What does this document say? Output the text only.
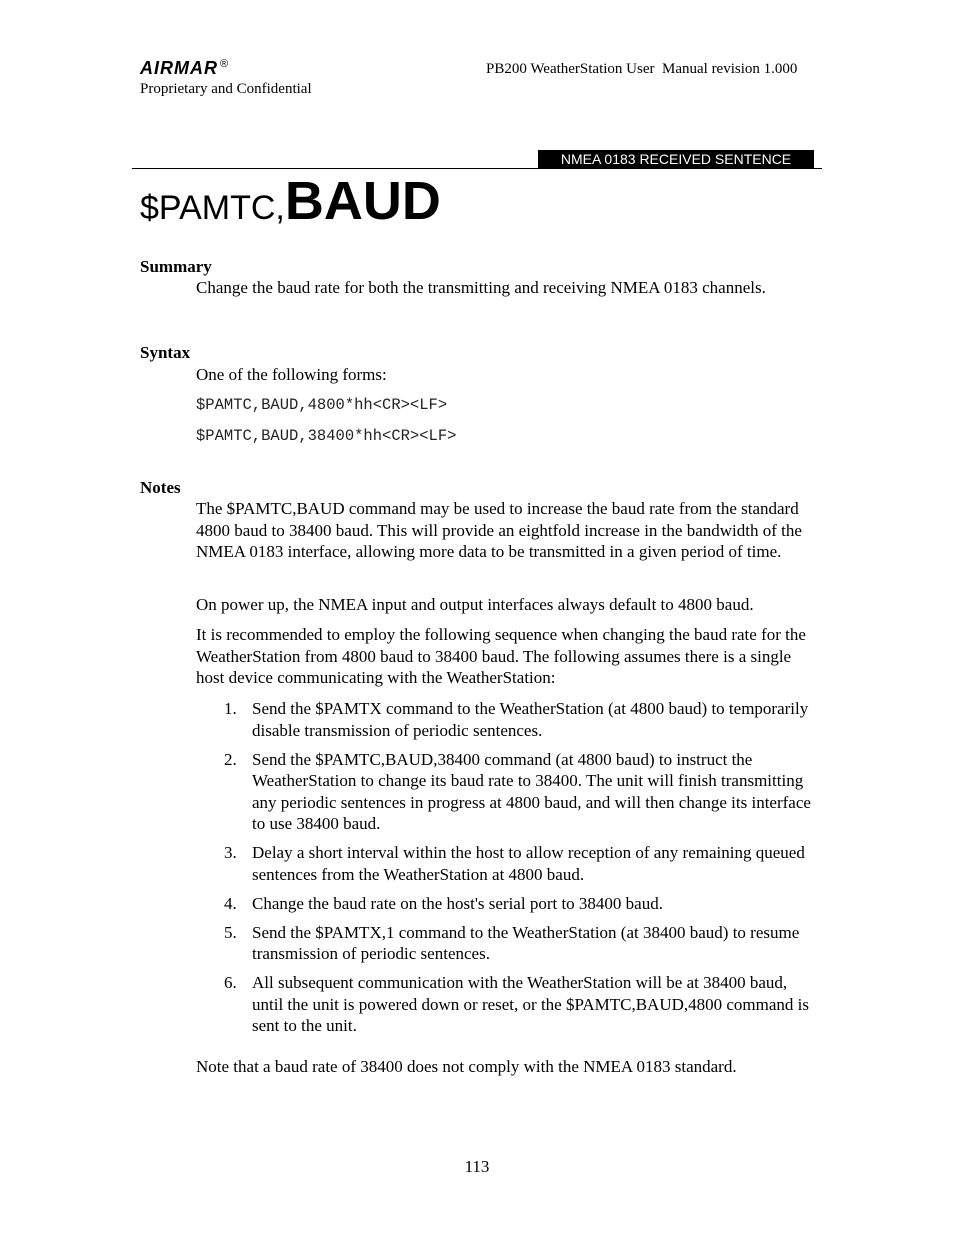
AIRMAR ®
Proprietary and Confidential
PB200 WeatherStation User  Manual revision 1.000
NMEA 0183 RECEIVED SENTENCE
$PAMTC,BAUD
Summary
Change the baud rate for both the transmitting and receiving NMEA 0183 channels.
Syntax
One of the following forms:
$PAMTC,BAUD,4800*hh<CR><LF>
$PAMTC,BAUD,38400*hh<CR><LF>
Notes
The $PAMTC,BAUD command may be used to increase the baud rate from the standard 4800 baud to 38400 baud. This will provide an eightfold increase in the bandwidth of the NMEA 0183 interface, allowing more data to be transmitted in a given period of time.
On power up, the NMEA input and output interfaces always default to 4800 baud.
It is recommended to employ the following sequence when changing the baud rate for the WeatherStation from 4800 baud to 38400 baud. The following assumes there is a single host device communicating with the WeatherStation:
1. Send the $PAMTX command to the WeatherStation (at 4800 baud) to temporarily disable transmission of periodic sentences.
2. Send the $PAMTC,BAUD,38400 command (at 4800 baud) to instruct the WeatherStation to change its baud rate to 38400. The unit will finish transmitting any periodic sentences in progress at 4800 baud, and will then change its interface to use 38400 baud.
3. Delay a short interval within the host to allow reception of any remaining queued sentences from the WeatherStation at 4800 baud.
4. Change the baud rate on the host's serial port to 38400 baud.
5. Send the $PAMTX,1 command to the WeatherStation (at 38400 baud) to resume transmission of periodic sentences.
6. All subsequent communication with the WeatherStation will be at 38400 baud, until the unit is powered down or reset, or the $PAMTC,BAUD,4800 command is sent to the unit.
Note that a baud rate of 38400 does not comply with the NMEA 0183 standard.
113
